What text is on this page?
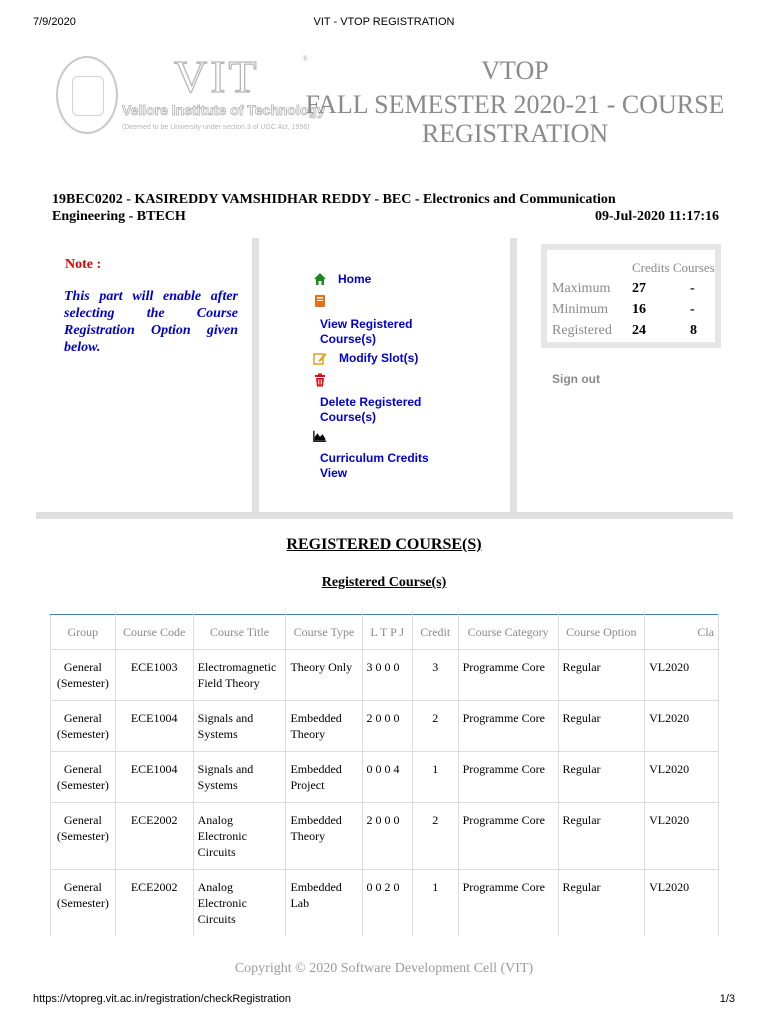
7/9/2020	VIT - VTOP REGISTRATION
VIT	®
Vellore Institute of Technology
(Deemed to be University under section 3 of UGC Act, 1956)
VTOP
FALL SEMESTER 2020-21 - COURSE
REGISTRATION
19BEC0202 - KASIREDDY VAMSHIDHAR REDDY - BEC - Electronics and Communication
Engineering - BTECH	09-Jul-2020 11:17:16
Note :
This part will enable after selecting the Course Registration Option given below.
Home
View Registered Course(s)
Modify Slot(s)
Delete Registered Course(s)
Curriculum Credits View
	Credits Courses	
Maximum	27	-
Minimum	16	-
Registered	24	8
Sign out
REGISTERED COURSE(S)
Registered Course(s)
Group	Course Code	Course Title	Course Type	L T P J	Credit	Course Category	Course Option	Cla
General (Semester)	ECE1003	Electromagnetic Field Theory	Theory Only	3 0 0 0	3	Programme Core	Regular	VL2020
General (Semester)	ECE1004	Signals and Systems	Embedded Theory	2 0 0 0	2	Programme Core	Regular	VL2020
General (Semester)	ECE1004	Signals and Systems	Embedded Project	0 0 0 4	1	Programme Core	Regular	VL2020
General (Semester)	ECE2002	Analog Electronic Circuits	Embedded Theory	2 0 0 0	2	Programme Core	Regular	VL2020
General (Semester)	ECE2002	Analog Electronic Circuits	Embedded Lab	0 0 2 0	1	Programme Core	Regular	VL2020
Copyright © 2020 Software Development Cell (VIT)
https://vtopreg.vit.ac.in/registration/checkRegistration	1/3
